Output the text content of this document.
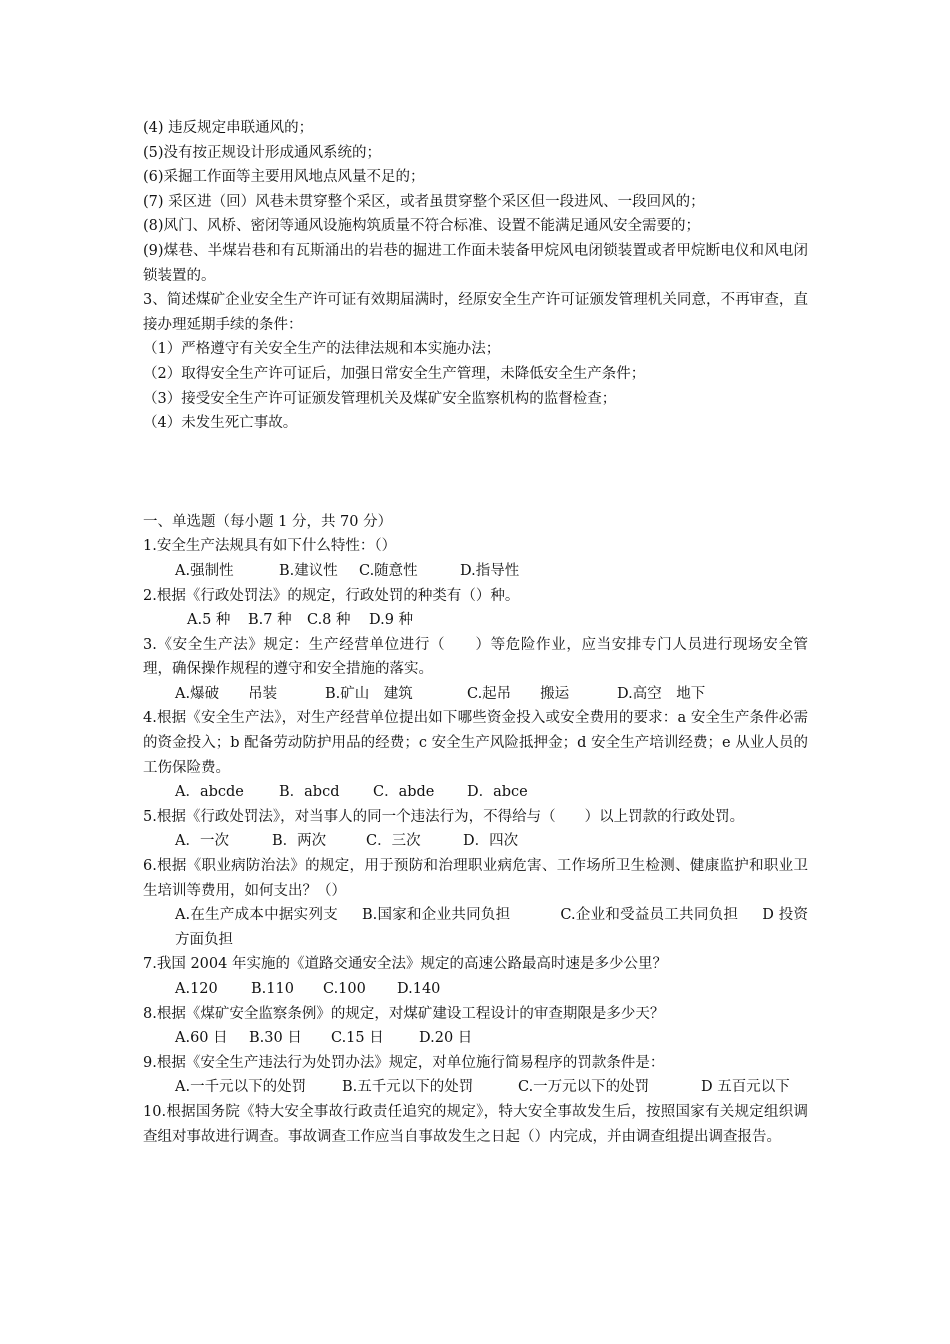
(4) 违反规定串联通风的；
(5)没有按正规设计形成通风系统的；
(6)采掘工作面等主要用风地点风量不足的；
(7) 采区进（回）风巷未贯穿整个采区，或者虽贯穿整个采区但一段进风、一段回风的；
(8)风门、风桥、密闭等通风设施构筑质量不符合标准、设置不能满足通风安全需要的；
(9)煤巷、半煤岩巷和有瓦斯涌出的岩巷的掘进工作面未装备甲烷风电闭锁装置或者甲烷断电仪和风电闭锁装置的。
3、简述煤矿企业安全生产许可证有效期届满时，经原安全生产许可证颁发管理机关同意，不再审查，直接办理延期手续的条件：
（1）严格遵守有关安全生产的法律法规和本实施办法；
（2）取得安全生产许可证后，加强日常安全生产管理，未降低安全生产条件；
（3）接受安全生产许可证颁发管理机关及煤矿安全监察机构的监督检查；
（4）未发生死亡事故。
一、单选题（每小题 1 分，共 70 分）
1.安全生产法规具有如下什么特性：（）
A.强制性	B.建议性 C.随意性	D.指导性
2.根据《行政处罚法》的规定，行政处罚的种类有（）种。
A.5 种 B.7 种 C.8 种 D.9 种
3.《安全生产法》规定：生产经营单位进行（　　）等危险作业，应当安排专门人员进行现场安全管理，确保操作规程的遵守和安全措施的落实。
A.爆破　　吊装	B.矿山　建筑	C.起吊　　搬运	D.高空　地下
4.根据《安全生产法》，对生产经营单位提出如下哪些资金投入或安全费用的要求：a 安全生产条件必需的资金投入；b 配备劳动防护用品的经费；c 安全生产风险抵押金；d 安全生产培训经费；e 从业人员的工伤保险费。
A．abcde B．abcd C．abde D．abce
5.根据《行政处罚法》，对当事人的同一个违法行为，不得给与（　　）以上罚款的行政处罚。
A．一次	B．两次	C．三次	D．四次
6.根据《职业病防治法》的规定，用于预防和治理职业病危害、工作场所卫生检测、健康监护和职业卫生培训等费用，如何支出？（）
A.在生产成本中据实列支 B.国家和企业共同负担	C.企业和受益员工共同负担 D 投资方面负担
7.我国 2004 年实施的《道路交通安全法》规定的高速公路最高时速是多少公里？
A.120 B.110 C.100 D.140
8.根据《煤矿安全监察条例》的规定，对煤矿建设工程设计的审查期限是多少天？
A.60 日 B.30 日 C.15 日 D.20 日
9.根据《安全生产违法行为处罚办法》规定，对单位施行简易程序的罚款条件是：
A.一千元以下的处罚 B.五千元以下的处罚	C.一万元以下的处罚	D 五百元以下
10.根据国务院《特大安全事故行政责任追究的规定》，特大安全事故发生后，按照国家有关规定组织调查组对事故进行调查。事故调查工作应当自事故发生之日起（）内完成，并由调查组提出调查报告。
